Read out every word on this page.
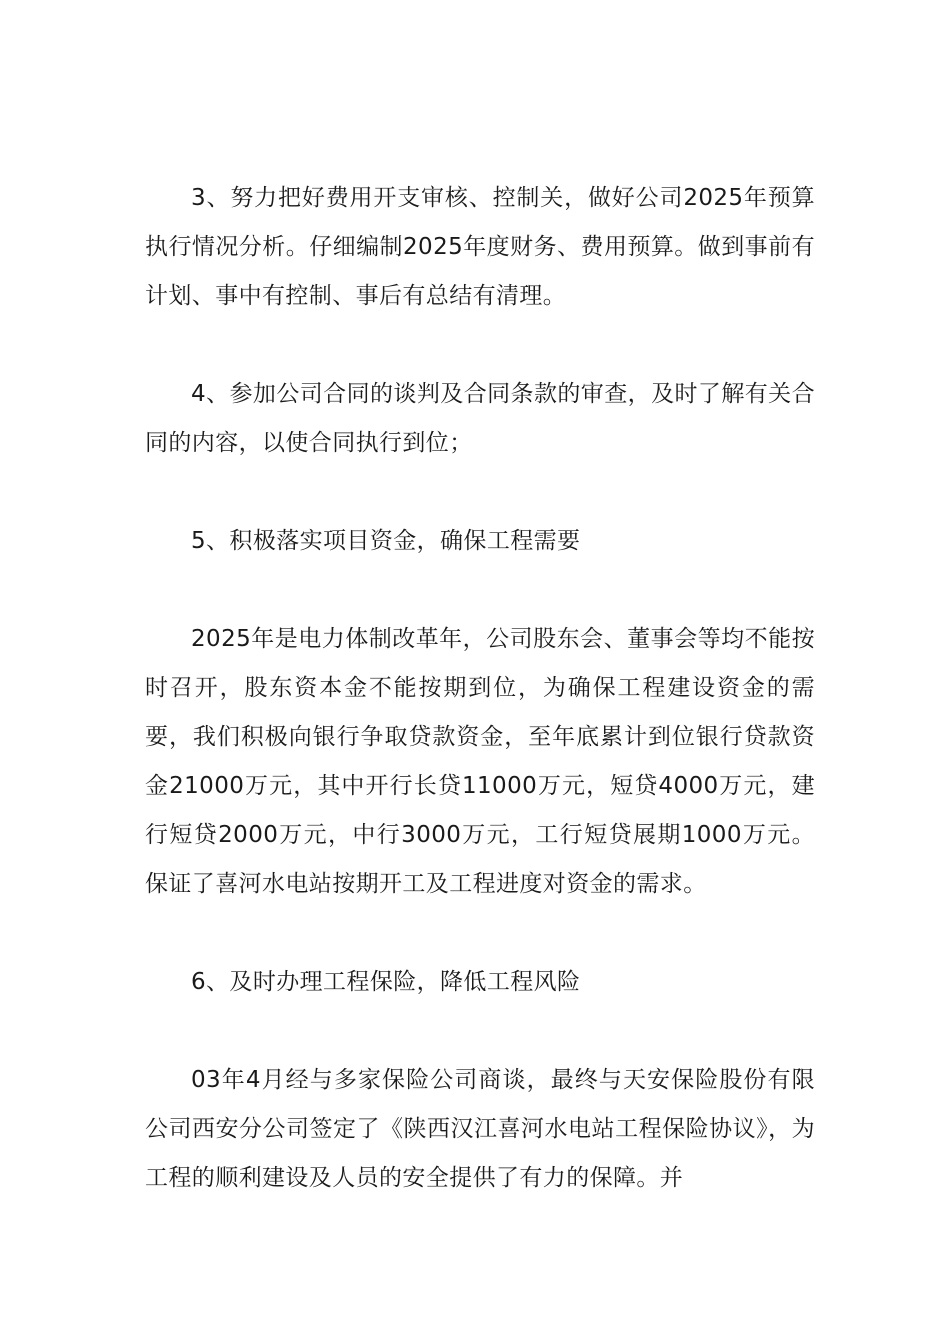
3、努力把好费用开支审核、控制关，做好公司2025年预算执行情况分析。仔细编制2025年度财务、费用预算。做到事前有计划、事中有控制、事后有总结有清理。

4、参加公司合同的谈判及合同条款的审查，及时了解有关合同的内容，以使合同执行到位；

5、积极落实项目资金，确保工程需要

2025年是电力体制改革年，公司股东会、董事会等均不能按时召开，股东资本金不能按期到位，为确保工程建设资金的需要，我们积极向银行争取贷款资金，至年底累计到位银行贷款资金21000万元，其中开行长贷11000万元，短贷4000万元，建行短贷2000万元，中行3000万元，工行短贷展期1000万元。保证了喜河水电站按期开工及工程进度对资金的需求。

6、及时办理工程保险，降低工程风险

03年4月经与多家保险公司商谈，最终与天安保险股份有限公司西安分公司签定了《陕西汉江喜河水电站工程保险协议》，为工程的顺利建设及人员的安全提供了有力的保障。并
